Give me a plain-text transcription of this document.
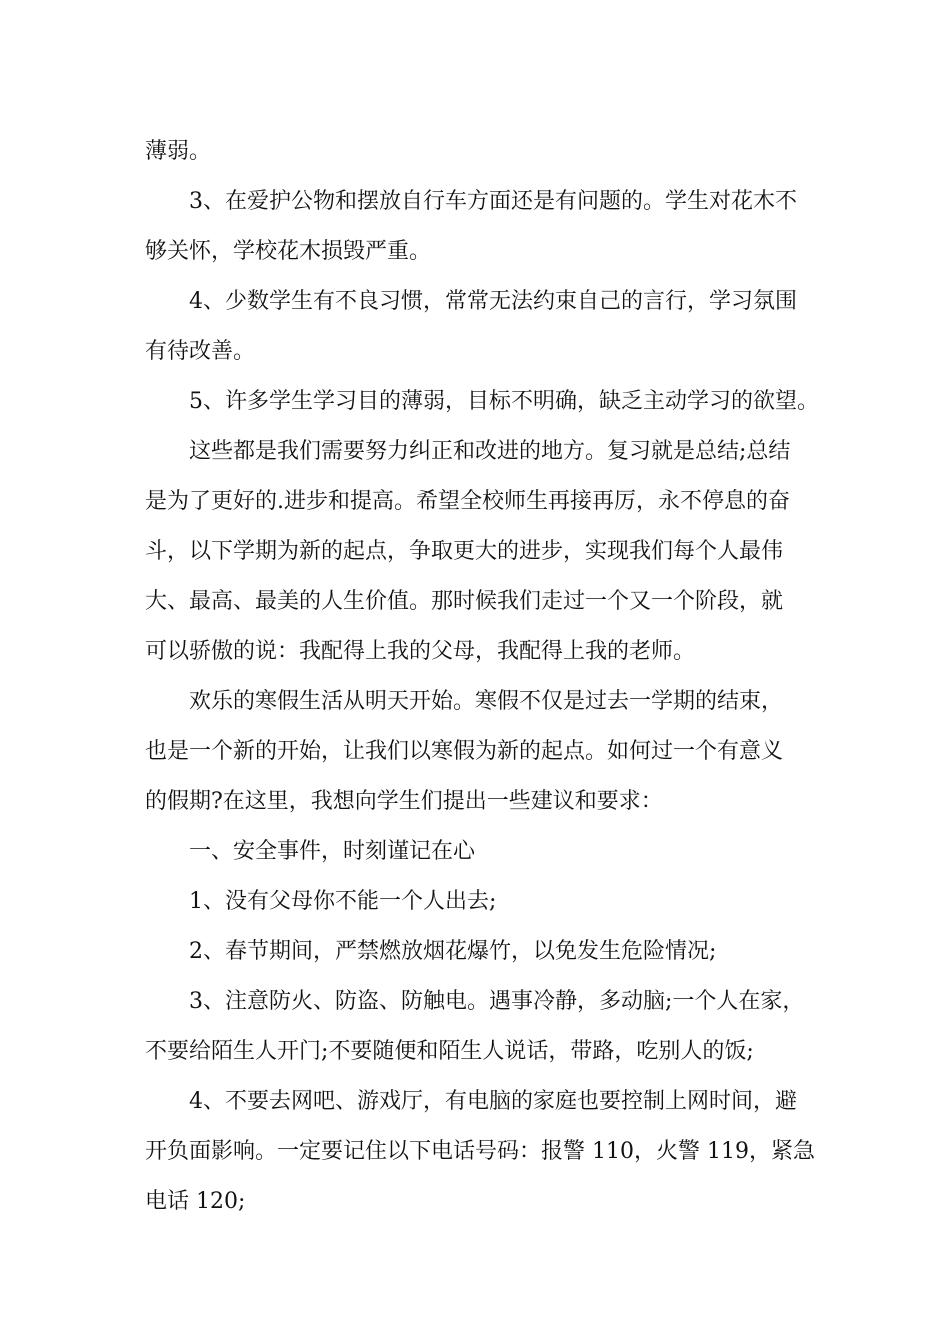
薄弱。

3、在爱护公物和摆放自行车方面还是有问题的。学生对花木不

够关怀，学校花木损毁严重。

4、少数学生有不良习惯，常常无法约束自己的言行，学习氛围

有待改善。

5、许多学生学习目的薄弱，目标不明确，缺乏主动学习的欲望。

这些都是我们需要努力纠正和改进的地方。复习就是总结;总结

是为了更好的.进步和提高。希望全校师生再接再厉，永不停息的奋
斗，以下学期为新的起点，争取更大的进步，实现我们每个人最伟
大、最高、最美的人生价值。那时候我们走过一个又一个阶段，就
可以骄傲的说：我配得上我的父母，我配得上我的老师。

欢乐的寒假生活从明天开始。寒假不仅是过去一学期的结束，

也是一个新的开始，让我们以寒假为新的起点。如何过一个有意义
的假期?在这里，我想向学生们提出一些建议和要求：

一、安全事件，时刻谨记在心

1、没有父母你不能一个人出去;

2、春节期间，严禁燃放烟花爆竹，以免发生危险情况;

3、注意防火、防盗、防触电。遇事冷静，多动脑;一个人在家，

不要给陌生人开门;不要随便和陌生人说话，带路，吃别人的饭;

4、不要去网吧、游戏厅，有电脑的家庭也要控制上网时间，避

开负面影响。一定要记住以下电话号码：报警 110，火警 119，紧急
电话 120;
